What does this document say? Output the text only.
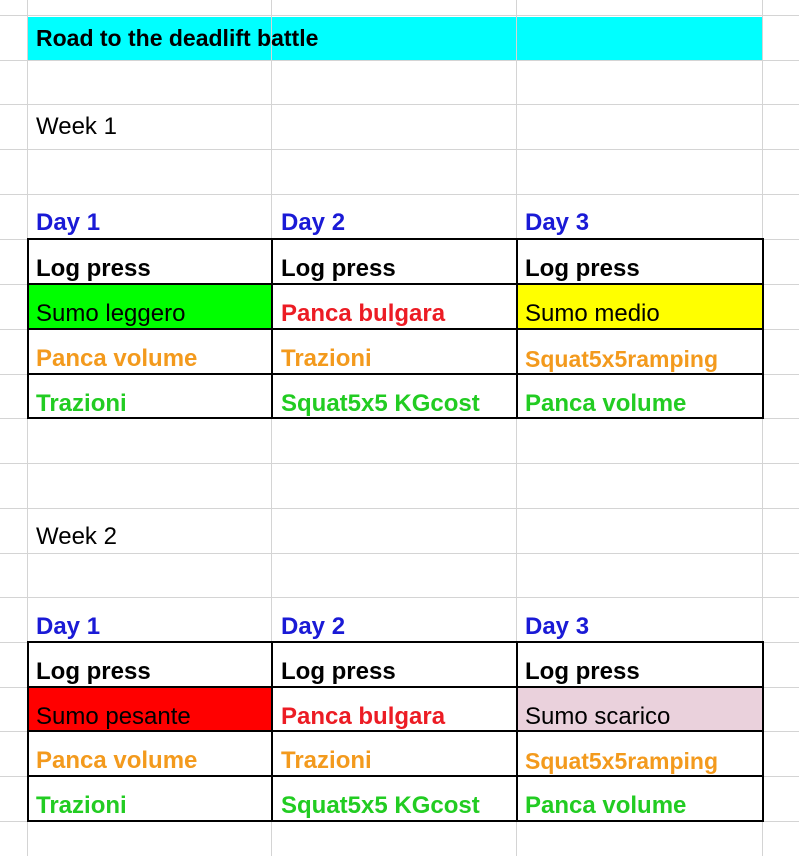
Road to the deadlift battle
Week 1
Day 1	Day 2	Day 3
Log press	Log press	Log press
Sumo leggero	Panca bulgara	Sumo medio
Panca volume	Trazioni	Squat5x5ramping
Trazioni	Squat5x5 KGcost	Panca volume
Week 2
Day 1	Day 2	Day 3
Log press	Log press	Log press
Sumo pesante	Panca bulgara	Sumo scarico
Panca volume	Trazioni	Squat5x5ramping
Trazioni	Squat5x5 KGcost	Panca volume
